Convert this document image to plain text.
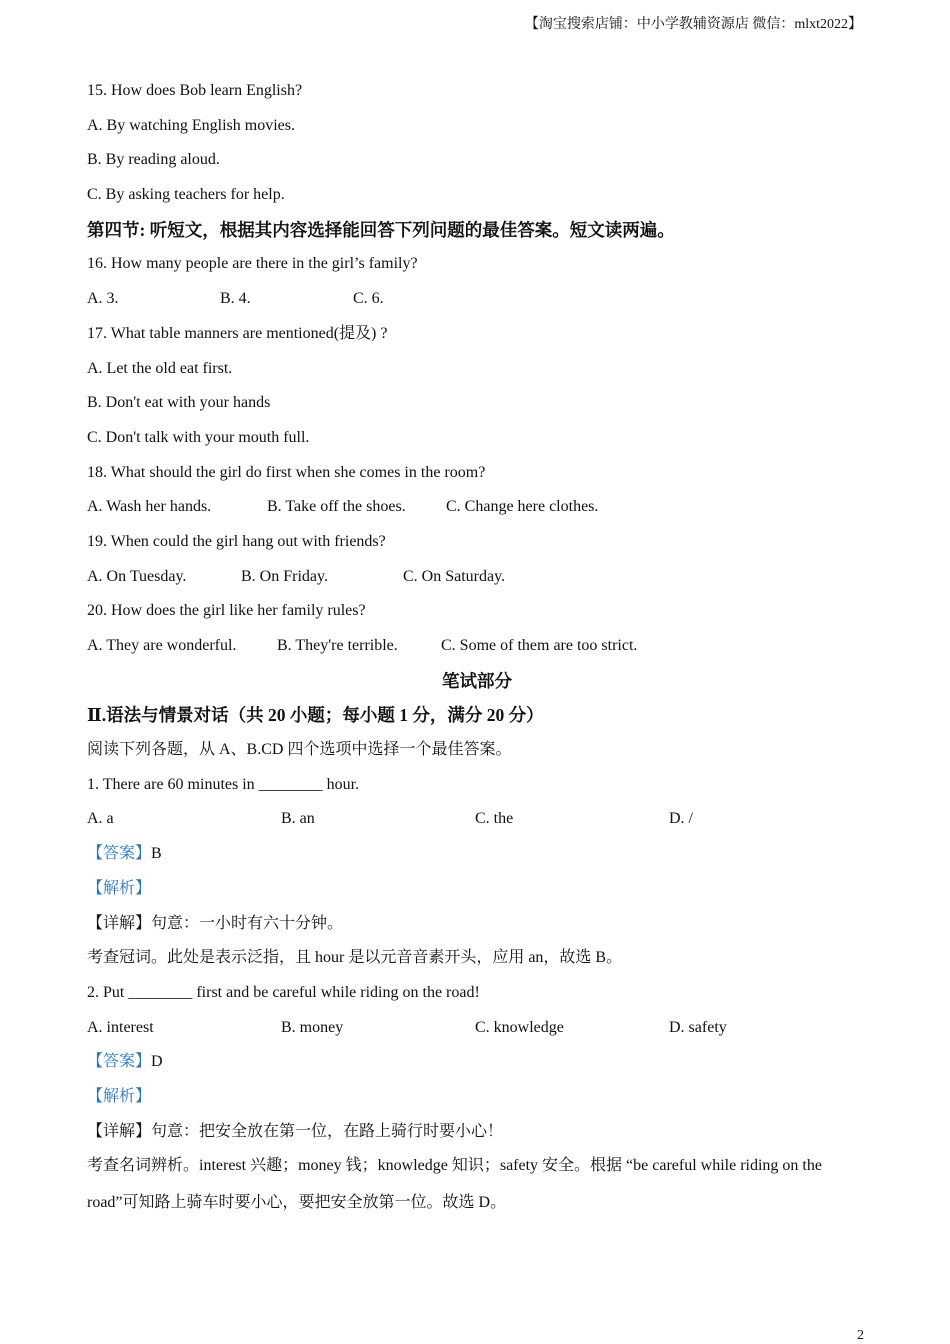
【淘宝搜索店铺：中小学教辅资源店 微信：mlxt2022】
15. How does Bob learn English?
A. By watching English movies.
B. By reading aloud.
C. By asking teachers for help.
第四节: 听短文，根据其内容选择能回答下列问题的最佳答案。短文读两遍。
16. How many people are there in the girl’s family?
A. 3.	B. 4.	C. 6.
17. What table manners are mentioned(提及) ?
A. Let the old eat first.
B. Don't eat with your hands
C. Don't talk with your mouth full.
18. What should the girl do first when she comes in the room?
A. Wash her hands.	B. Take off the shoes.	C. Change here clothes.
19. When could the girl hang out with friends?
A. On Tuesday.	B. On Friday.	C. On Saturday.
20. How does the girl like her family rules?
A. They are wonderful.	B. They're terrible.	C. Some of them are too strict.
笔试部分
Ⅱ.语法与情景对话（共 20 小题；每小题 1 分，满分 20 分）
阅读下列各题，从 A、B.CD 四个选项中选择一个最佳答案。
1. There are 60 minutes in ________ hour.
A. a	B. an	C. the	D. /
【答案】B
【解析】
【详解】句意：一小时有六十分钟。
考查冠词。此处是表示泛指，且 hour 是以元音音素开头，应用 an，故选 B。
2. Put ________ first and be careful while riding on the road!
A. interest	B. money	C. knowledge	D. safety
【答案】D
【解析】
【详解】句意：把安全放在第一位，在路上骑行时要小心！
考查名词辨析。interest 兴趣；money 钱；knowledge 知识；safety 安全。根据 “be careful while riding on the
road”可知路上骑车时要小心，要把安全放第一位。故选 D。
2
